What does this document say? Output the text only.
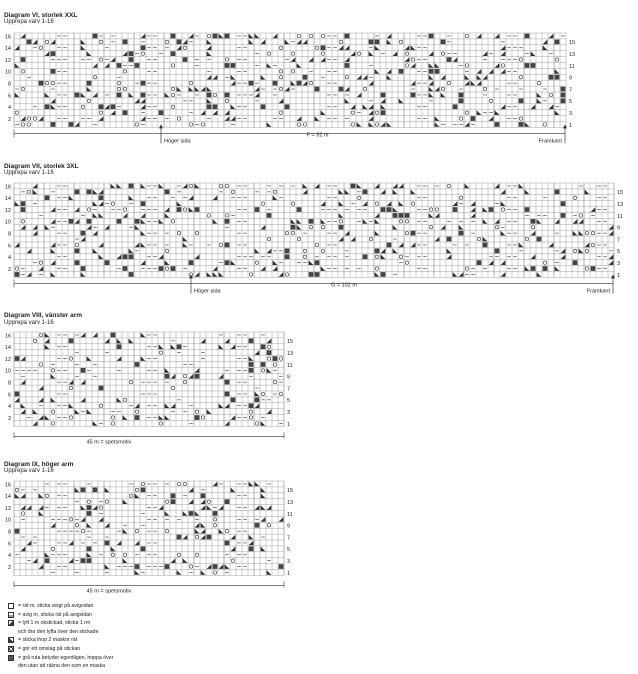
Diagram VI, storlek XXL
Upprepa varv 1-16
16
14
12
10
8
6
4
2
15
13
11
9
7
5
3
1
Höger sida
F = 92 m
Framkant
Diagram VII, storlek 3XL
Upprepa varv 1-16
16
14
12
10
8
6
4
2
15
13
11
9
7
5
3
1
Höger sida
G = 102 m
Framkant
Diagram VIII, vänster arm
Upprepa varv 1-16
16
14
12
10
8
6
4
2
15
13
11
9
7
5
3
1
45 m = spetsmotiv
Diagram IX, höger arm
Upprepa varv 1-16
16
14
12
10
8
6
4
2
15
13
11
9
7
5
3
1
45 m = spetsmotiv
= rät m, sticka avigt på avigsidan
= avig m, sticka rät på avigsidan
= lyft 1 m okstickad, sticka 1 rm
och dra den lyfta över den stickade
= sticka ihop 2 maskor rät
= gör ett omslag på stickan
= grå ruta betyder egentligen, hoppa över
den utan att räkna den som en maska
